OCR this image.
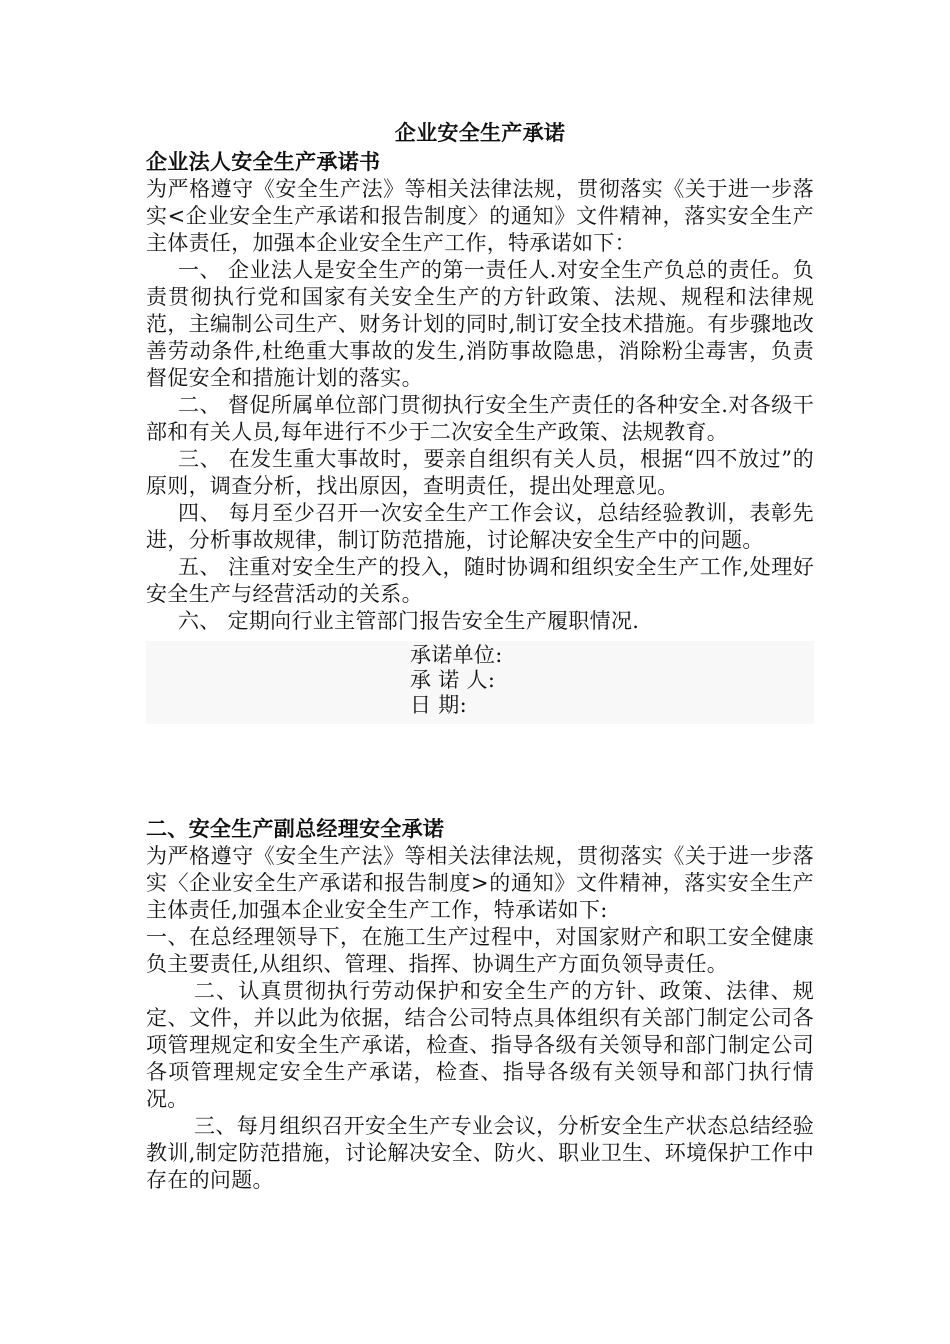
企业安全生产承诺
企业法人安全生产承诺书

为严格遵守《安全生产法》等相关法律法规，贯彻落实《关于进一步落实<企业安全生产承诺和报告制度〉的通知》文件精神，落实安全生产主体责任，加强本企业安全生产工作，特承诺如下：

一、 企业法人是安全生产的第一责任人.对安全生产负总的责任。负责贯彻执行党和国家有关安全生产的方针政策、法规、规程和法律规范，主编制公司生产、财务计划的同时,制订安全技术措施。有步骤地改善劳动条件,杜绝重大事故的发生,消防事故隐患，消除粉尘毒害，负责督促安全和措施计划的落实。

二、 督促所属单位部门贯彻执行安全生产责任的各种安全.对各级干部和有关人员,每年进行不少于二次安全生产政策、法规教育。

三、 在发生重大事故时，要亲自组织有关人员，根据“四不放过”的原则，调查分析，找出原因，查明责任，提出处理意见。

四、 每月至少召开一次安全生产工作会议，总结经验教训，表彰先进，分析事故规律，制订防范措施，讨论解决安全生产中的问题。

五、 注重对安全生产的投入，随时协调和组织安全生产工作,处理好安全生产与经营活动的关系。

六、 定期向行业主管部门报告安全生产履职情况.

承诺单位:
承 诺 人:
日 期:
二、安全生产副总经理安全承诺

为严格遵守《安全生产法》等相关法律法规，贯彻落实《关于进一步落实〈企业安全生产承诺和报告制度>的通知》文件精神，落实安全生产主体责任,加强本企业安全生产工作，特承诺如下:

一、在总经理领导下，在施工生产过程中，对国家财产和职工安全健康负主要责任,从组织、管理、指挥、协调生产方面负领导责任。

二、认真贯彻执行劳动保护和安全生产的方针、政策、法律、规定、文件，并以此为依据，结合公司特点具体组织有关部门制定公司各项管理规定和安全生产承诺，检查、指导各级有关领导和部门制定公司各项管理规定安全生产承诺，检查、指导各级有关领导和部门执行情况。

三、每月组织召开安全生产专业会议，分析安全生产状态总结经验教训,制定防范措施，讨论解决安全、防火、职业卫生、环境保护工作中存在的问题。
